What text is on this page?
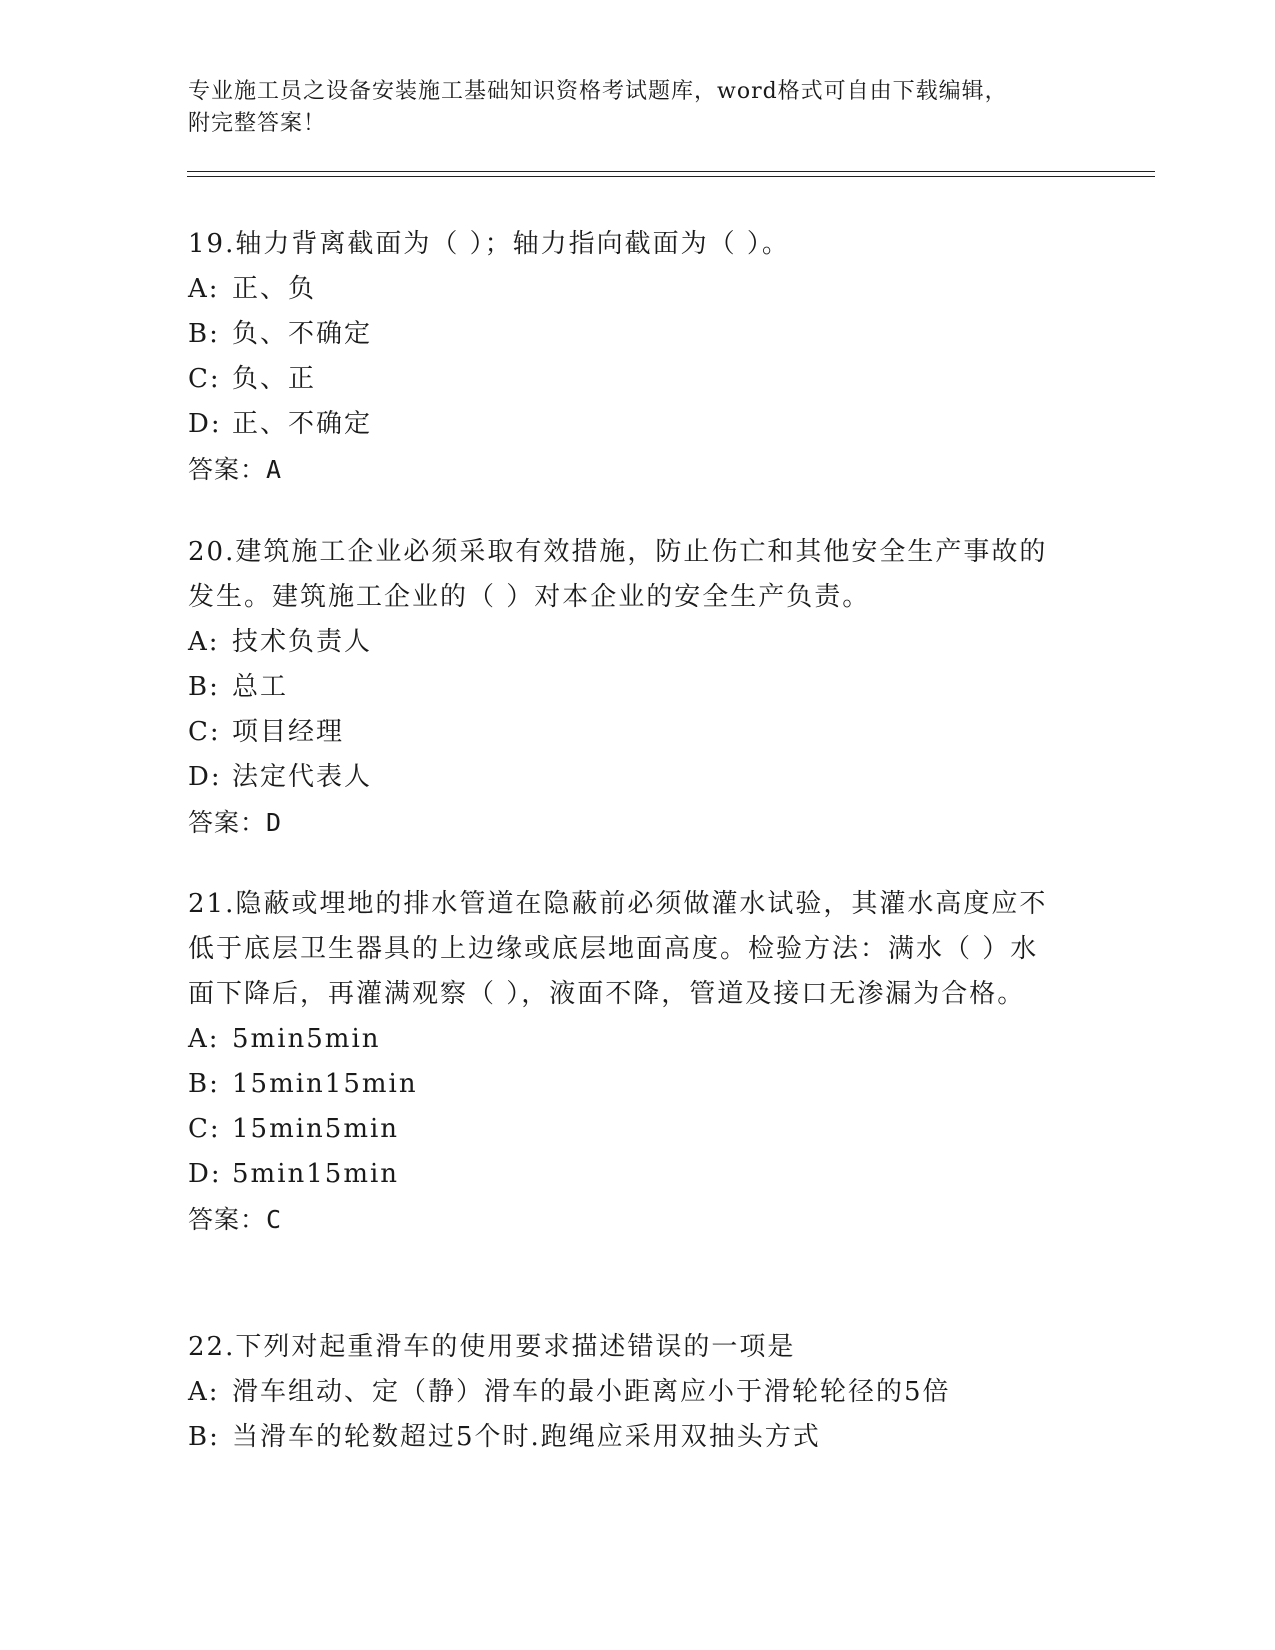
专业施工员之设备安装施工基础知识资格考试题库，word格式可自由下载编辑，
附完整答案！
19.轴力背离截面为（ ）；轴力指向截面为（ ）。
A: 正、负
B: 负、不确定
C: 负、正
D: 正、不确定
答案：A
20.建筑施工企业必须采取有效措施，防止伤亡和其他安全生产事故的
发生。建筑施工企业的（ ）对本企业的安全生产负责。
A: 技术负责人
B: 总工
C: 项目经理
D: 法定代表人
答案：D
21.隐蔽或埋地的排水管道在隐蔽前必须做灌水试验，其灌水高度应不
低于底层卫生器具的上边缘或底层地面高度。检验方法：满水（ ）水
面下降后，再灌满观察（ ），液面不降，管道及接口无渗漏为合格。
A: 5min5min
B: 15min15min
C: 15min5min
D: 5min15min
答案：C
22.下列对起重滑车的使用要求描述错误的一项是
A: 滑车组动、定（静）滑车的最小距离应小于滑轮轮径的5倍
B: 当滑车的轮数超过5个时.跑绳应采用双抽头方式
